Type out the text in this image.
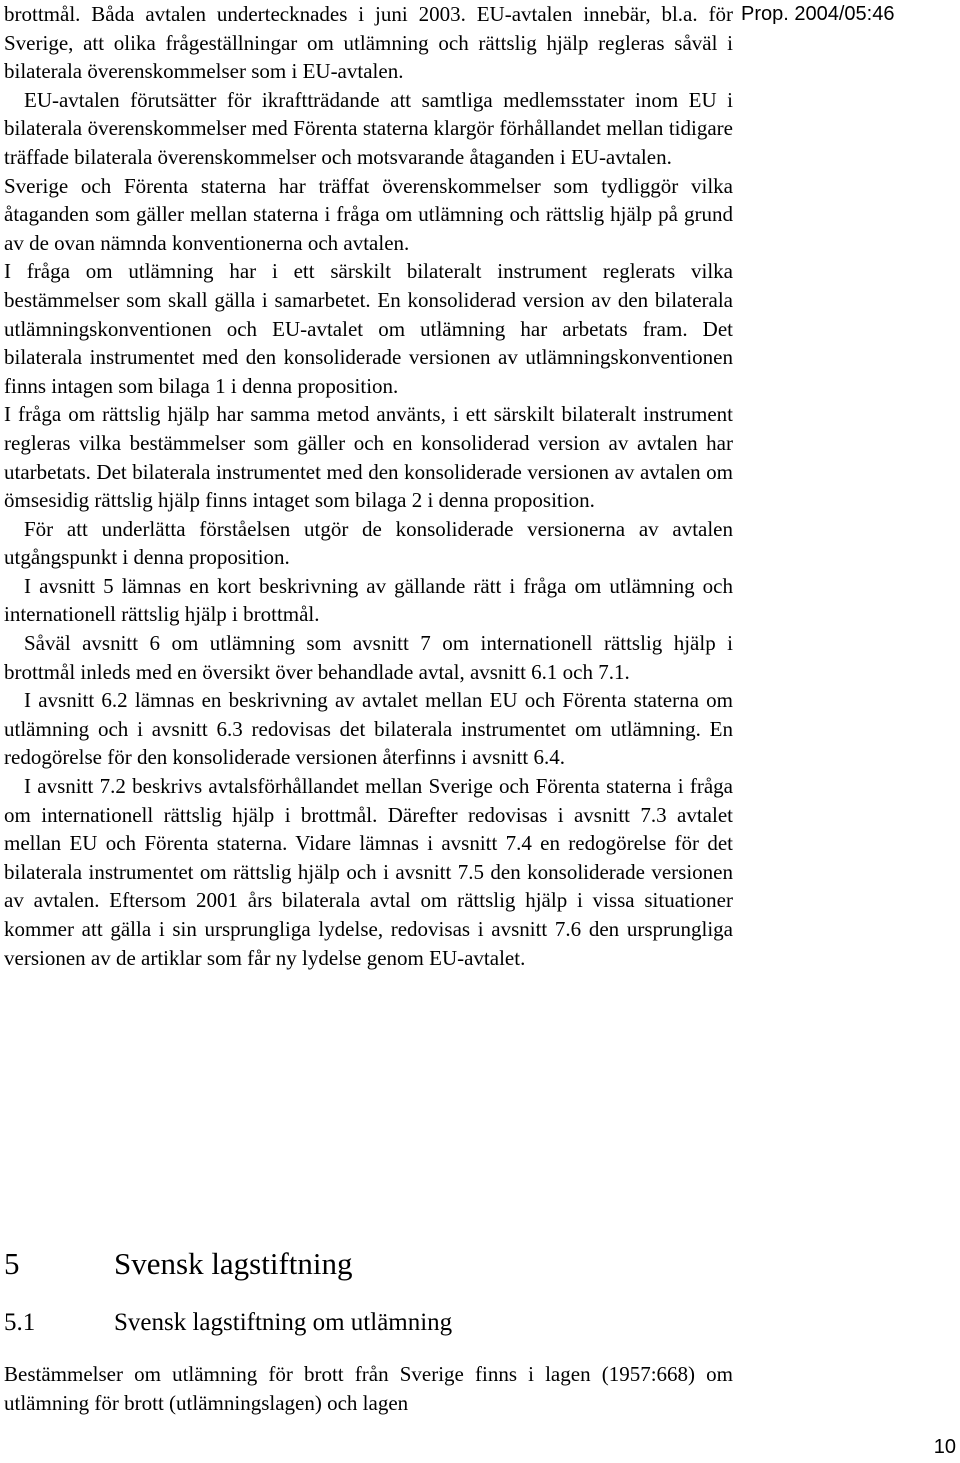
Prop. 2004/05:46

brottmål. Båda avtalen undertecknades i juni 2003. EU-avtalen innebär, bl.a. för Sverige, att olika frågeställningar om utlämning och rättslig hjälp regleras såväl i bilaterala överenskommelser som i EU-avtalen.

EU-avtalen förutsätter för ikraftträdande att samtliga medlemsstater inom EU i bilaterala överenskommelser med Förenta staterna klargör förhållandet mellan tidigare träffade bilaterala överenskommelser och motsvarande åtaganden i EU-avtalen.

Sverige och Förenta staterna har träffat överenskommelser som tydliggör vilka åtaganden som gäller mellan staterna i fråga om utlämning och rättslig hjälp på grund av de ovan nämnda konventionerna och avtalen.

I fråga om utlämning har i ett särskilt bilateralt instrument reglerats vilka bestämmelser som skall gälla i samarbetet. En konsoliderad version av den bilaterala utlämningskonventionen och EU-avtalet om utlämning har arbetats fram. Det bilaterala instrumentet med den konsoliderade versionen av utlämningskonventionen finns intagen som bilaga 1 i denna proposition.

I fråga om rättslig hjälp har samma metod använts, i ett särskilt bilateralt instrument regleras vilka bestämmelser som gäller och en konsoliderad version av avtalen har utarbetats. Det bilaterala instrumentet med den konsoliderade versionen av avtalen om ömsesidig rättslig hjälp finns intaget som bilaga 2 i denna proposition.

För att underlätta förståelsen utgör de konsoliderade versionerna av avtalen utgångspunkt i denna proposition.

I avsnitt 5 lämnas en kort beskrivning av gällande rätt i fråga om utlämning och internationell rättslig hjälp i brottmål.

Såväl avsnitt 6 om utlämning som avsnitt 7 om internationell rättslig hjälp i brottmål inleds med en översikt över behandlade avtal, avsnitt 6.1 och 7.1.

I avsnitt 6.2 lämnas en beskrivning av avtalet mellan EU och Förenta staterna om utlämning och i avsnitt 6.3 redovisas det bilaterala instrumentet om utlämning. En redogörelse för den konsoliderade versionen återfinns i avsnitt 6.4.

I avsnitt 7.2 beskrivs avtalsförhållandet mellan Sverige och Förenta staterna i fråga om internationell rättslig hjälp i brottmål. Därefter redovisas i avsnitt 7.3 avtalet mellan EU och Förenta staterna. Vidare lämnas i avsnitt 7.4 en redogörelse för det bilaterala instrumentet om rättslig hjälp och i avsnitt 7.5 den konsoliderade versionen av avtalen. Eftersom 2001 års bilaterala avtal om rättslig hjälp i vissa situationer kommer att gälla i sin ursprungliga lydelse, redovisas i avsnitt 7.6 den ursprungliga versionen av de artiklar som får ny lydelse genom EU-avtalet.

5	Svensk lagstiftning
5.1	Svensk lagstiftning om utlämning

Bestämmelser om utlämning för brott från Sverige finns i lagen (1957:668) om utlämning för brott (utlämningslagen) och lagen

10
